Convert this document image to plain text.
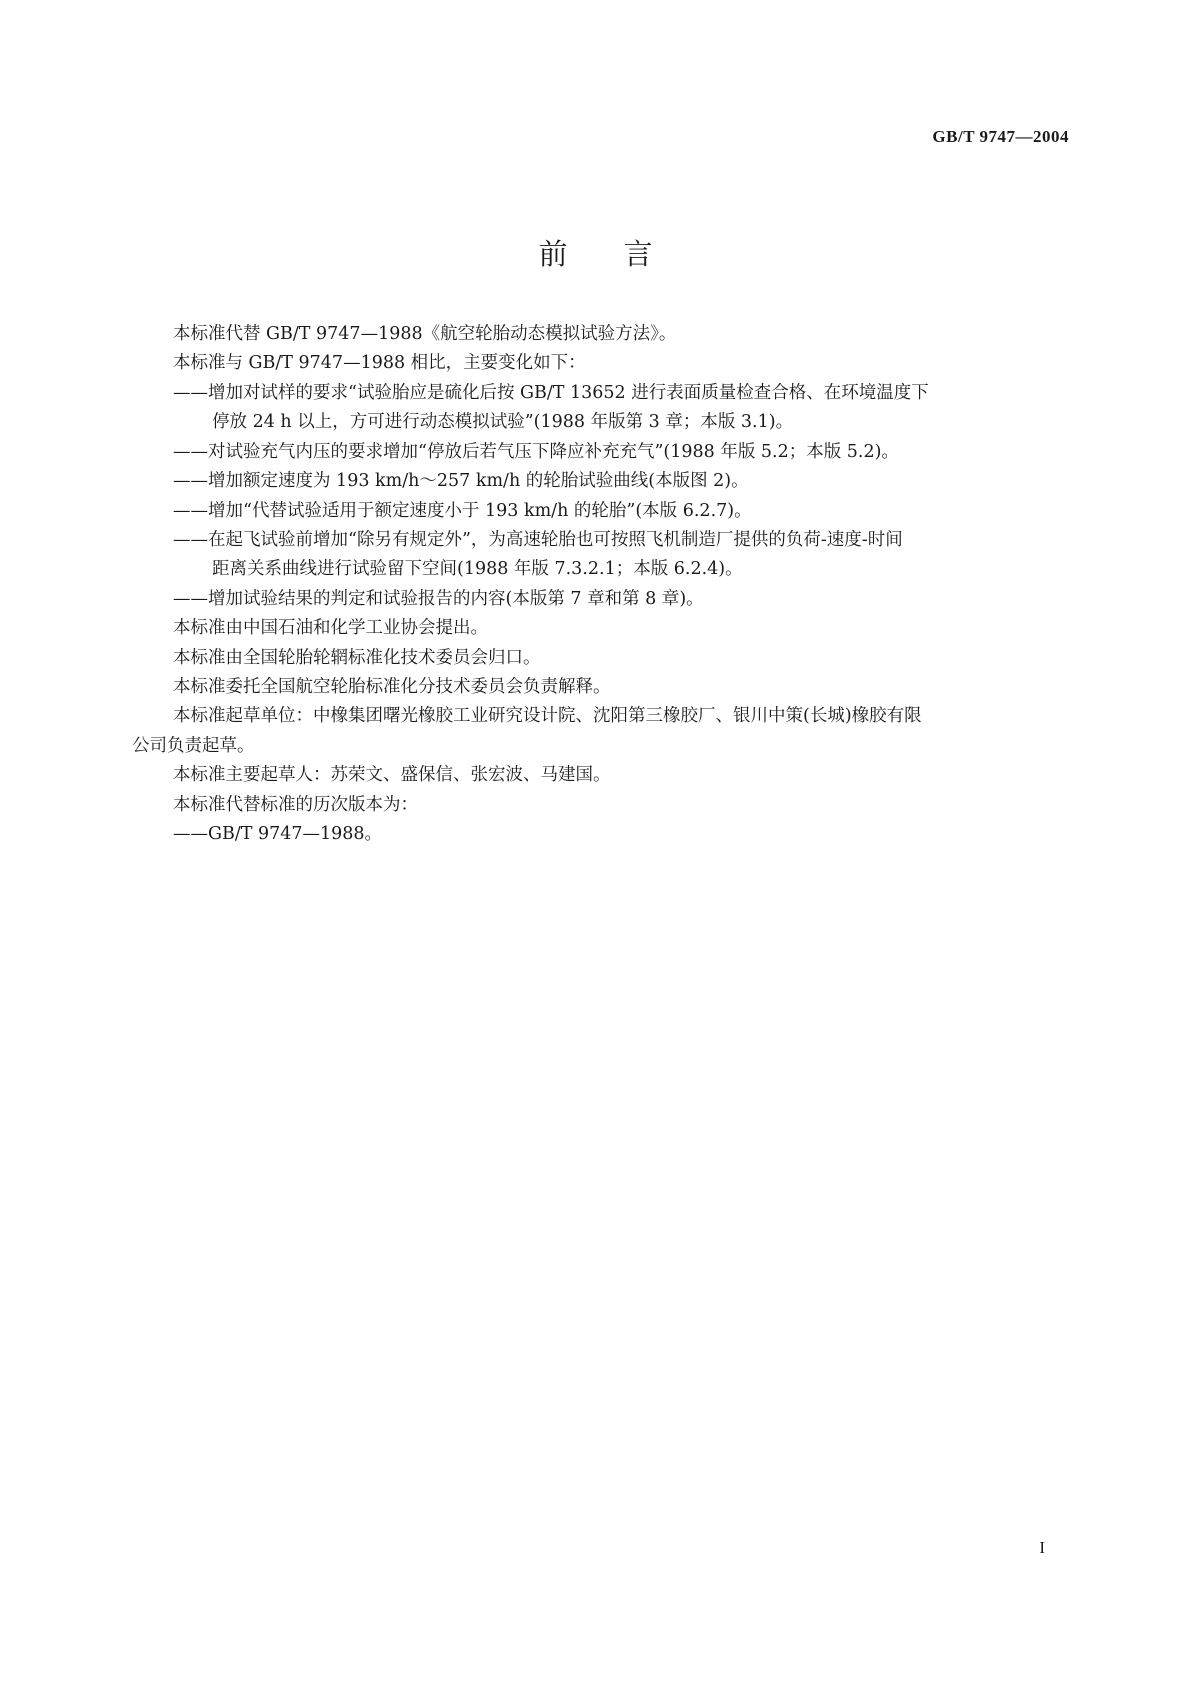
GB/T 9747—2004
前 言
本标准代替 GB/T 9747—1988《航空轮胎动态模拟试验方法》。
本标准与 GB/T 9747—1988 相比，主要变化如下：
——增加对试样的要求“试验胎应是硫化后按 GB/T 13652 进行表面质量检查合格、在环境温度下
停放 24 h 以上，方可进行动态模拟试验”(1988 年版第 3 章；本版 3.1)。
——对试验充气内压的要求增加“停放后若气压下降应补充充气”(1988 年版 5.2；本版 5.2)。
——增加额定速度为 193 km/h～257 km/h 的轮胎试验曲线(本版图 2)。
——增加“代替试验适用于额定速度小于 193 km/h 的轮胎”(本版 6.2.7)。
——在起飞试验前增加“除另有规定外”，为高速轮胎也可按照飞机制造厂提供的负荷-速度-时间
距离关系曲线进行试验留下空间(1988 年版 7.3.2.1；本版 6.2.4)。
——增加试验结果的判定和试验报告的内容(本版第 7 章和第 8 章)。
本标准由中国石油和化学工业协会提出。
本标准由全国轮胎轮辋标准化技术委员会归口。
本标准委托全国航空轮胎标准化分技术委员会负责解释。
本标准起草单位：中橡集团曙光橡胶工业研究设计院、沈阳第三橡胶厂、银川中策(长城)橡胶有限
公司负责起草。
本标准主要起草人：苏荣文、盛保信、张宏波、马建国。
本标准代替标准的历次版本为：
——GB/T 9747—1988。
I
